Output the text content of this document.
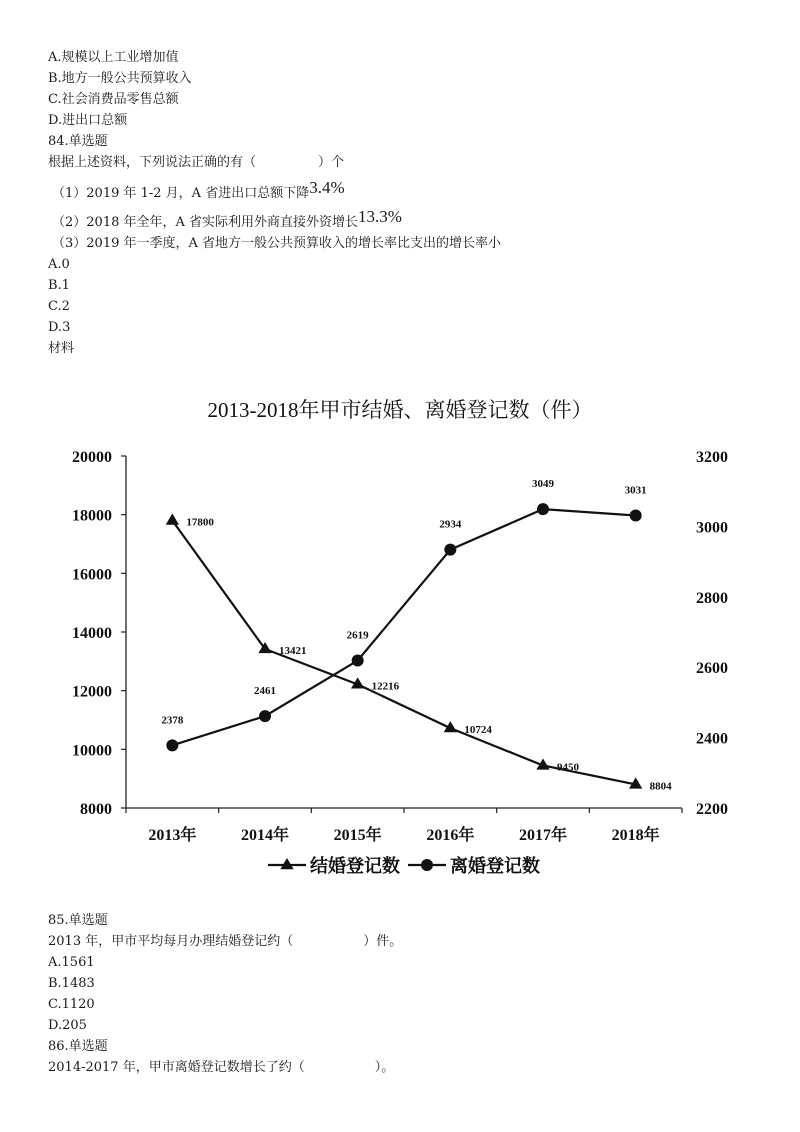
A.规模以上工业增加值
B.地方一般公共预算收入
C.社会消费品零售总额
D.进出口总额
84.单选题
根据上述资料，下列说法正确的有（	）个
（1）2019 年 1-2 月，A 省进出口总额下降3.4%
（2）2018 年全年，A 省实际利用外商直接外资增长13.3%
（3）2019 年一季度，A 省地方一般公共预算收入的增长率比支出的增长率小
A.0
B.1
C.2
D.3
材料
2013-2018年甲市结婚、离婚登记数（件）
8000
10000
12000
14000
16000
18000
20000
2200
2400
2600
2800
3000
3200
2013年	2014年	2015年	2016年	2017年	2018年
17800
13421
12216
10724
9450
8804
2378
2461
2619
2934
3049
3031
结婚登记数	离婚登记数
85.单选题
2013 年，甲市平均每月办理结婚登记约（	）件。
A.1561
B.1483
C.1120
D.205
86.单选题
2014-2017 年，甲市离婚登记数增长了约（	）。
